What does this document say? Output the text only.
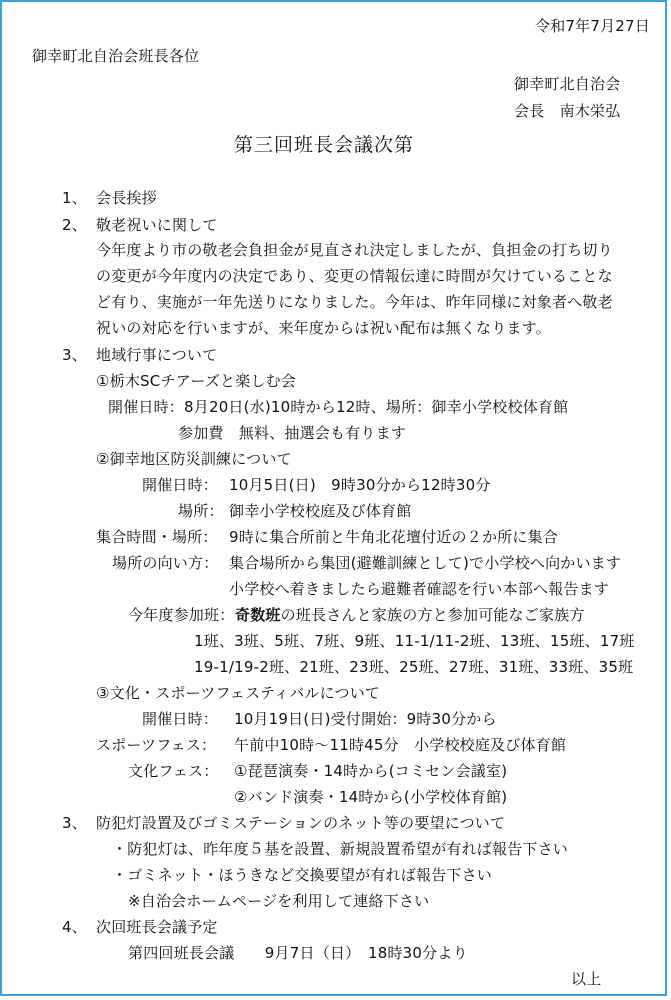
令和7年7月27日
御幸町北自治会班長各位
御幸町北自治会
会長　南木栄弘
第三回班長会議次第
1、 会長挨拶
2、 敬老祝いに関して
今年度より市の敬老会負担金が見直され決定しましたが、負担金の打ち切り
の変更が今年度内の決定であり、変更の情報伝達に時間が欠けていることな
ど有り、実施が一年先送りになりました。今年は、昨年同様に対象者へ敬老
祝いの対応を行いますが、来年度からは祝い配布は無くなります。
3、 地域行事について
①栃木SCチアーズと楽しむ会
開催日時：8月20日(水)10時から12時、場所：御幸小学校校体育館
参加費　無料、抽選会も有ります
②御幸地区防災訓練について
開催日時： 10月5日(日)　9時30分から12時30分
場所： 御幸小学校校庭及び体育館
集合時間・場所： 9時に集合所前と牛角北花壇付近の２か所に集合
場所の向い方： 集合場所から集団(避難訓練として)で小学校へ向かいます
小学校へ着きましたら避難者確認を行い本部へ報告ます
今年度参加班： 奇数班の班長さんと家族の方と参加可能なご家族方
1班、3班、5班、7班、9班、11-1/11-2班、13班、15班、17班
19-1/19-2班、21班、23班、25班、27班、31班、33班、35班
③文化・スポーツフェスティバルについて
開催日時： 10月19日(日)受付開始：9時30分から
スポーツフェス： 午前中10時～11時45分　小学校校庭及び体育館
文化フェス： ①琵琶演奏・14時から(コミセン会議室)
②バンド演奏・14時から(小学校体育館)
3、 防犯灯設置及びゴミステーションのネット等の要望について
・防犯灯は、昨年度５基を設置、新規設置希望が有れば報告下さい
・ゴミネット・ほうきなど交換要望が有れば報告下さい
※自治会ホームページを利用して連絡下さい
4、 次回班長会議予定
第四回班長会議　　9月7日（日）　18時30分より
以上
